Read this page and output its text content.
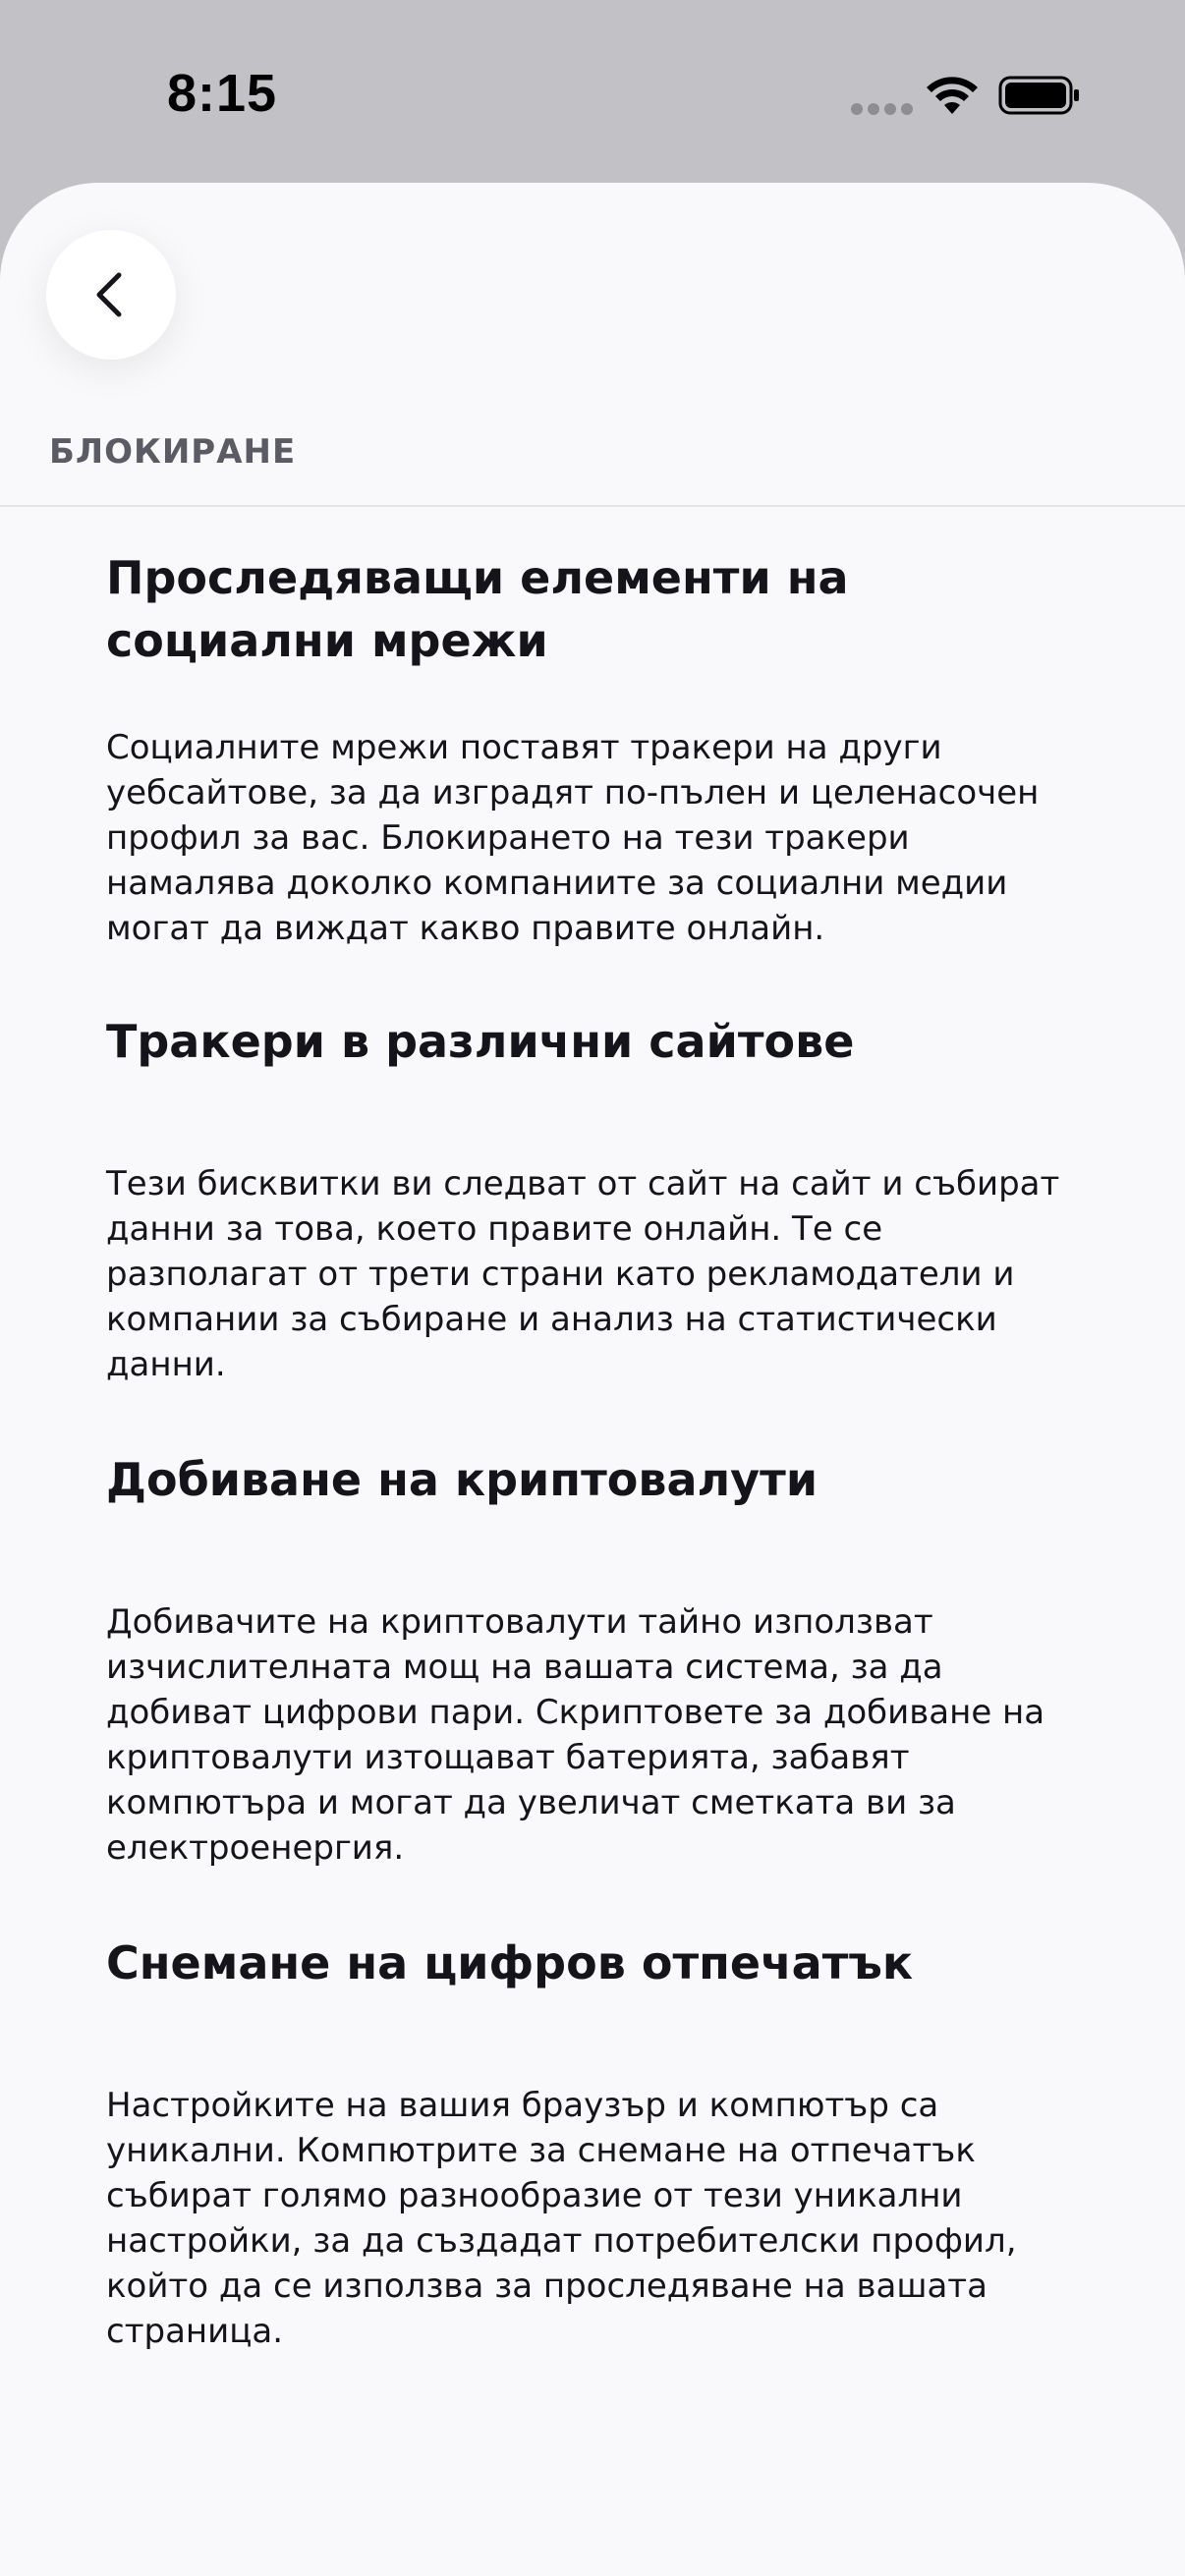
8:15
БЛОКИРАНЕ
Проследяващи елементи на социални мрежи

Социалните мрежи поставят тракери на други уебсайтове, за да изградят по-пълен и целенасочен профил за вас. Блокирането на тези тракери намалява доколко компаниите за социални медии могат да виждат какво правите онлайн.

Тракери в различни сайтове

Тези бисквитки ви следват от сайт на сайт и събират данни за това, което правите онлайн. Те се разполагат от трети страни като рекламодатели и компании за събиране и анализ на статистически данни.

Добиване на криптовалути

Добивачите на криптовалути тайно използват изчислителната мощ на вашата система, за да добиват цифрови пари. Скриптовете за добиване на криптовалути изтощават батерията, забавят компютъра и могат да увеличат сметката ви за електроенергия.

Снемане на цифров отпечатък

Настройките на вашия браузър и компютър са уникални. Компютрите за снемане на отпечатък събират голямо разнообразие от тези уникални настройки, за да създадат потребителски профил, който да се използва за проследяване на вашата страница.
